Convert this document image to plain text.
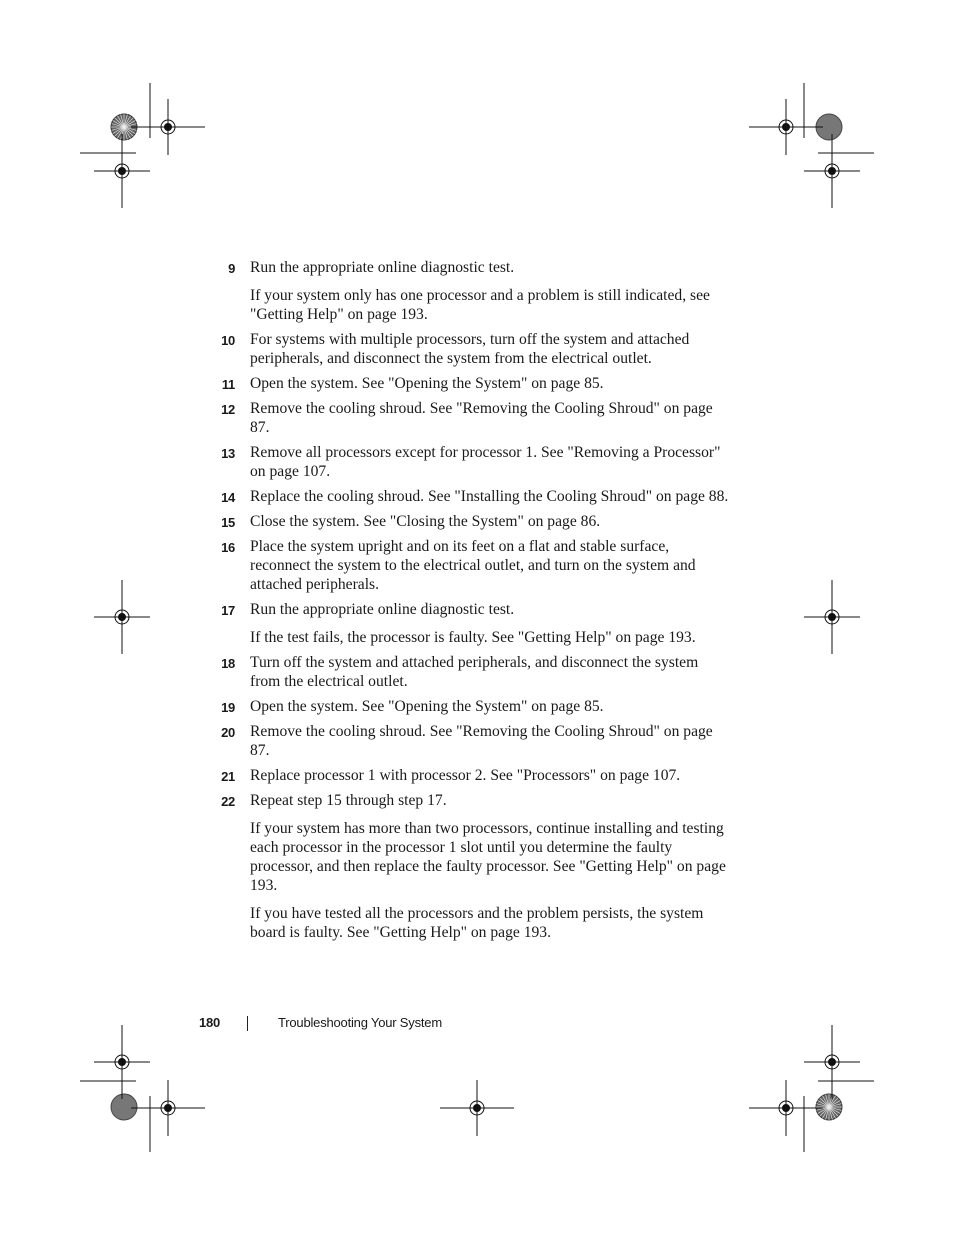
9 Run the appropriate online diagnostic test.
If your system only has one processor and a problem is still indicated, see "Getting Help" on page 193.
10 For systems with multiple processors, turn off the system and attached peripherals, and disconnect the system from the electrical outlet.
11 Open the system. See "Opening the System" on page 85.
12 Remove the cooling shroud. See "Removing the Cooling Shroud" on page 87.
13 Remove all processors except for processor 1. See "Removing a Processor" on page 107.
14 Replace the cooling shroud. See "Installing the Cooling Shroud" on page 88.
15 Close the system. See "Closing the System" on page 86.
16 Place the system upright and on its feet on a flat and stable surface, reconnect the system to the electrical outlet, and turn on the system and attached peripherals.
17 Run the appropriate online diagnostic test.
If the test fails, the processor is faulty. See "Getting Help" on page 193.
18 Turn off the system and attached peripherals, and disconnect the system from the electrical outlet.
19 Open the system. See "Opening the System" on page 85.
20 Remove the cooling shroud. See "Removing the Cooling Shroud" on page 87.
21 Replace processor 1 with processor 2. See "Processors" on page 107.
22 Repeat step 15 through step 17.
If your system has more than two processors, continue installing and testing each processor in the processor 1 slot until you determine the faulty processor, and then replace the faulty processor. See "Getting Help" on page 193.
If you have tested all the processors and the problem persists, the system board is faulty. See "Getting Help" on page 193.
180	Troubleshooting Your System
